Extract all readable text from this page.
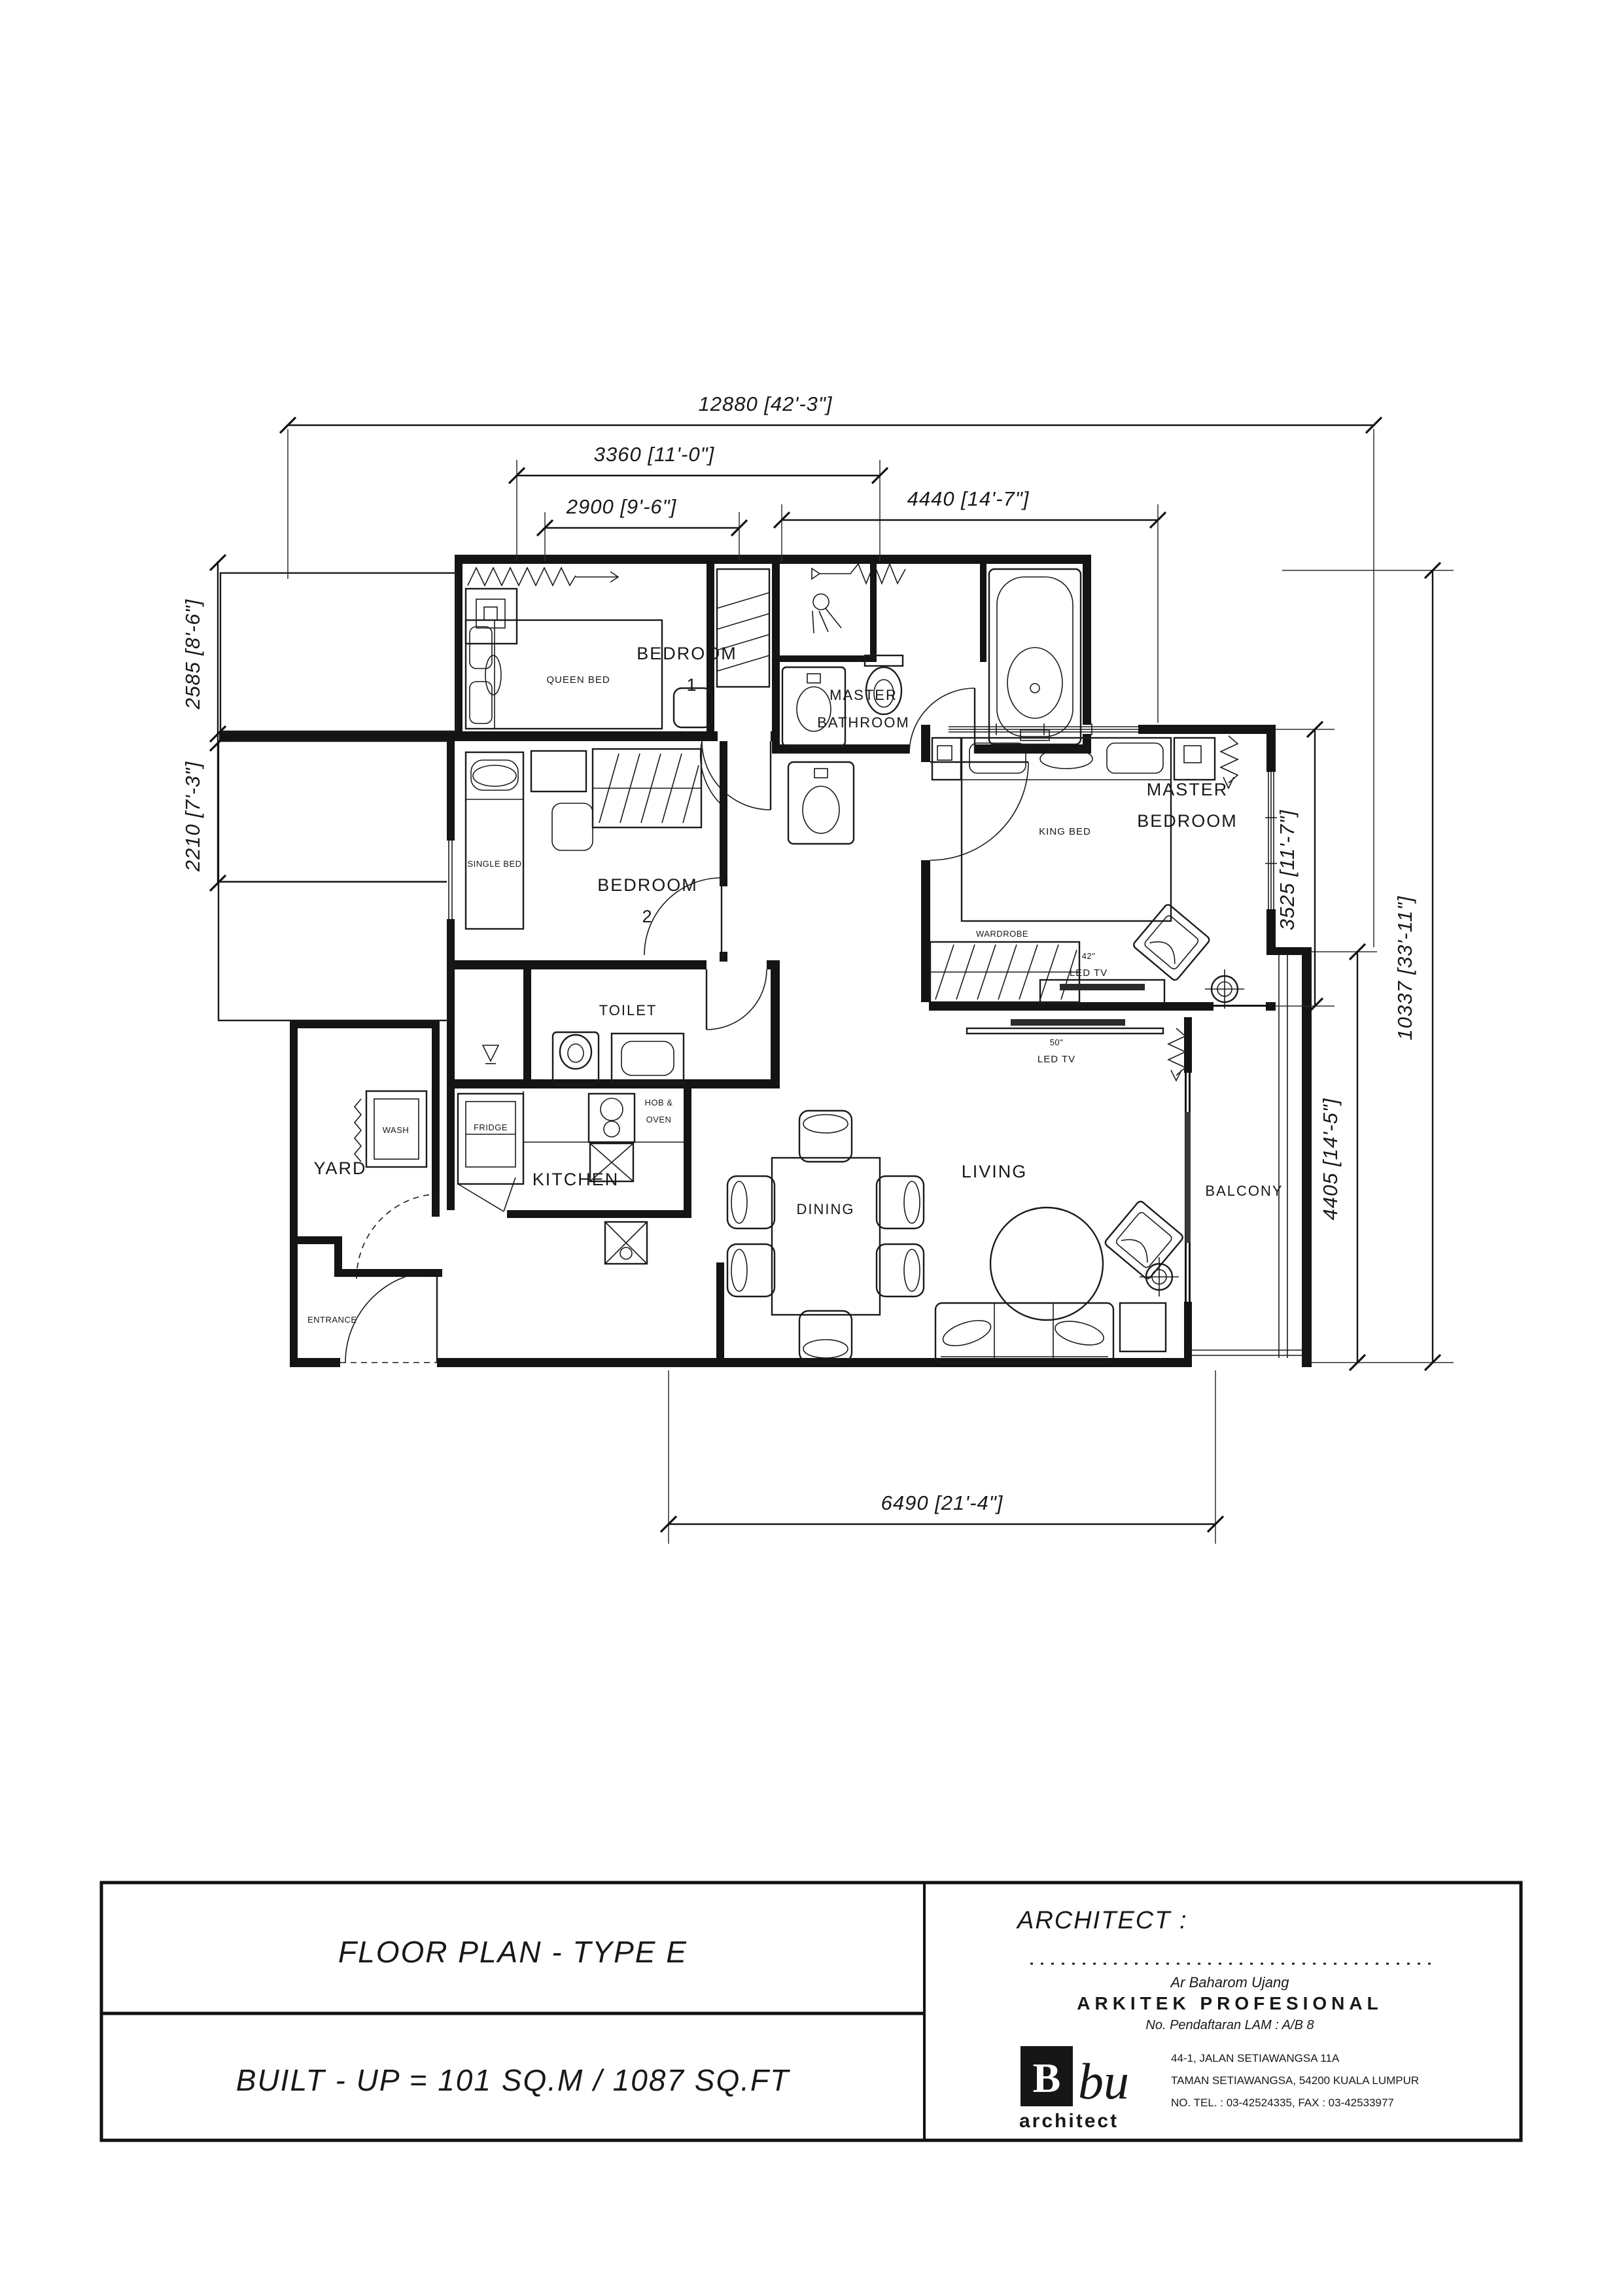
QUEEN BED
BEDROOM
1
MASTER
BATHROOM
SINGLE BED
BEDROOM
2
KING BED
42"
LED TV
WARDROBE
MASTER
BEDROOM
TOILET
FRIDGE
HOB &
OVEN
KITCHEN
WASH
YARD
ENTRANCE
DINING
50"
LED TV
LIVING
BALCONY
12880 [42'-3"]
3360 [11'-0"]
2900 [9'-6"]	4440 [14'-7"]
2585 [8'-6"]
2210 [7'-3"]	3525 [11'-7"]
4405 [14'-5"]
10337 [33'-11"]
6490 [21'-4"]
FLOOR PLAN - TYPE E
BUILT - UP = 101 SQ.M / 1087 SQ.FT
ARCHITECT :
Ar Baharom Ujang
ARKITEK PROFESIONAL
No. Pendaftaran LAM : A/B 8
B bu
architect
44-1, JALAN SETIAWANGSA 11A
TAMAN SETIAWANGSA, 54200 KUALA LUMPUR
NO. TEL. : 03-42524335, FAX : 03-42533977
